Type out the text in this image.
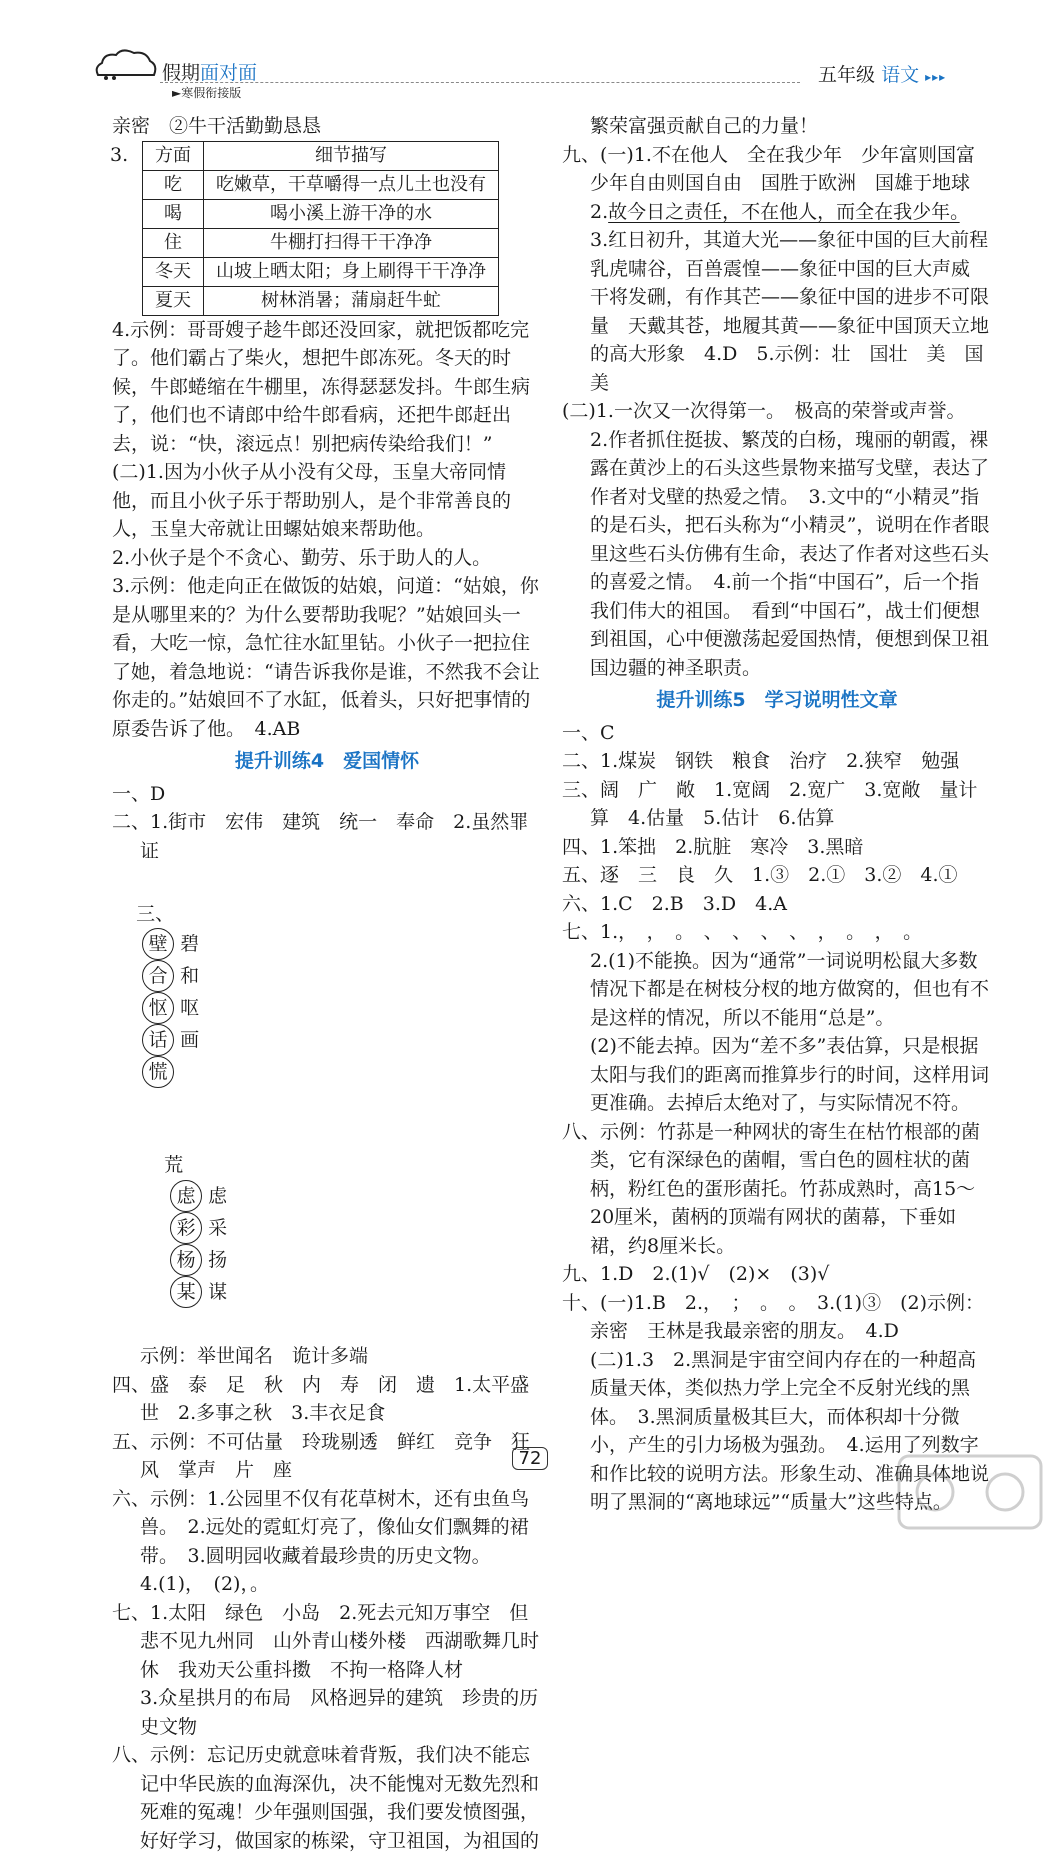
假期面对面
►寒假衔接版
五年级 语文 ▸▸▸

亲密　②牛干活勤勤恳恳

3. 方面	细节描写
吃	吃嫩草，干草嚼得一点儿土也没有
喝	喝小溪上游干净的水
住	牛棚打扫得干干净净
冬天	山坡上晒太阳；身上刷得干干净净
夏天	树林消暑；蒲扇赶牛虻

4.示例：哥哥嫂子趁牛郎还没回家，就把饭都吃完了。他们霸占了柴火，想把牛郎冻死。冬天的时候，牛郎蜷缩在牛棚里，冻得瑟瑟发抖。牛郎生病了，他们也不请郎中给牛郎看病，还把牛郎赶出去，说：“快，滚远点！别把病传染给我们！”

(二)1.因为小伙子从小没有父母，玉皇大帝同情他，而且小伙子乐于帮助别人，是个非常善良的人，玉皇大帝就让田螺姑娘来帮助他。

2.小伙子是个不贪心、勤劳、乐于助人的人。

3.示例：他走向正在做饭的姑娘，问道：“姑娘，你是从哪里来的？为什么要帮助我呢？”姑娘回头一看，大吃一惊，急忙往水缸里钻。小伙子一把拉住了她，着急地说：“请告诉我你是谁，不然我不会让你走的。”姑娘回不了水缸，低着头，只好把事情的原委告诉了他。　4.AB

提升训练4　爱国情怀

一、D

二、1.街市　宏伟　建筑　统一　奉命　2.虽然罪证

三、
壁 碧
合 和
怄 呕
话 画
慌

荒
虑 虑
彩 采
杨 扬
某 谋

示例：举世闻名　诡计多端

四、盛　泰　足　秋　内　寿　闭　遗　1.太平盛世　2.多事之秋　3.丰衣足食

五、示例：不可估量　玲珑剔透　鲜红　竞争　狂风　掌声　片　座

六、示例：1.公园里不仅有花草树木，还有虫鱼鸟兽。　2.远处的霓虹灯亮了，像仙女们飘舞的裙带。　3.圆明园收藏着最珍贵的历史文物。

4.(1)，　(2)，。

七、1.太阳　绿色　小岛　2.死去元知万事空　但悲不见九州同　山外青山楼外楼　西湖歌舞几时休　我劝天公重抖擞　不拘一格降人材

3.众星拱月的布局　风格迥异的建筑　珍贵的历史文物

八、示例：忘记历史就意味着背叛，我们决不能忘记中华民族的血海深仇，决不能愧对无数先烈和死难的冤魂！少年强则国强，我们要发愤图强，好好学习，做国家的栋梁，守卫祖国，为祖国的

繁荣富强贡献自己的力量！

九、(一)1.不在他人　全在我少年　少年富则国富

少年自由则国自由　国胜于欧洲　国雄于地球　2.故今日之责任，不在他人，而全在我少年。　3.红日初升，其道大光——象征中国的巨大前程　乳虎啸谷，百兽震惶——象征中国的巨大声威　干将发硎，有作其芒——象征中国的进步不可限量　天戴其苍，地履其黄——象征中国顶天立地的高大形象　4.D　5.示例：壮　国壮　美　国美

(二)1.一次又一次得第一。　极高的荣誉或声誉。　2.作者抓住挺拔、繁茂的白杨，瑰丽的朝霞，裸露在黄沙上的石头这些景物来描写戈壁，表达了作者对戈壁的热爱之情。　3.文中的“小精灵”指的是石头，把石头称为“小精灵”，说明在作者眼里这些石头仿佛有生命，表达了作者对这些石头的喜爱之情。　4.前一个指“中国石”，后一个指我们伟大的祖国。　看到“中国石”，战士们便想到祖国，心中便激荡起爱国热情，便想到保卫祖国边疆的神圣职责。

提升训练5　学习说明性文章

一、C

二、1.煤炭　钢铁　粮食　治疗　2.狭窄　勉强

三、阔　广　敞　1.宽阔　2.宽广　3.宽敞　量计　算　4.估量　5.估计　6.估算

四、1.笨拙　2.肮脏　寒冷　3.黑暗

五、逐　三　良　久　1.③　2.①　3.②　4.①

六、1.C　2.B　3.D　4.A

七、1.，　，　。　、　、　、　、　，　。　，　。

2.(1)不能换。因为“通常”一词说明松鼠大多数情况下都是在树枝分杈的地方做窝的，但也有不是这样的情况，所以不能用“总是”。

(2)不能去掉。因为“差不多”表估算，只是根据太阳与我们的距离而推算步行的时间，这样用词更准确。去掉后太绝对了，与实际情况不符。

八、示例：竹荪是一种网状的寄生在枯竹根部的菌类，它有深绿色的菌帽，雪白色的圆柱状的菌柄，粉红色的蛋形菌托。竹荪成熟时，高15～20厘米，菌柄的顶端有网状的菌幕，下垂如裙，约8厘米长。

九、1.D　2.(1)√　(2)×　(3)√

十、(一)1.B　2.，　；　。　。　3.(1)③　(2)示例：亲密　王林是我最亲密的朋友。　4.D

(二)1.3　2.黑洞是宇宙空间内存在的一种超高质量天体，类似热力学上完全不反射光线的黑体。　3.黑洞质量极其巨大，而体积却十分微小，产生的引力场极为强劲。　4.运用了列数字和作比较的说明方法。形象生动、准确具体地说明了黑洞的“离地球远”“质量大”这些特点。

72
